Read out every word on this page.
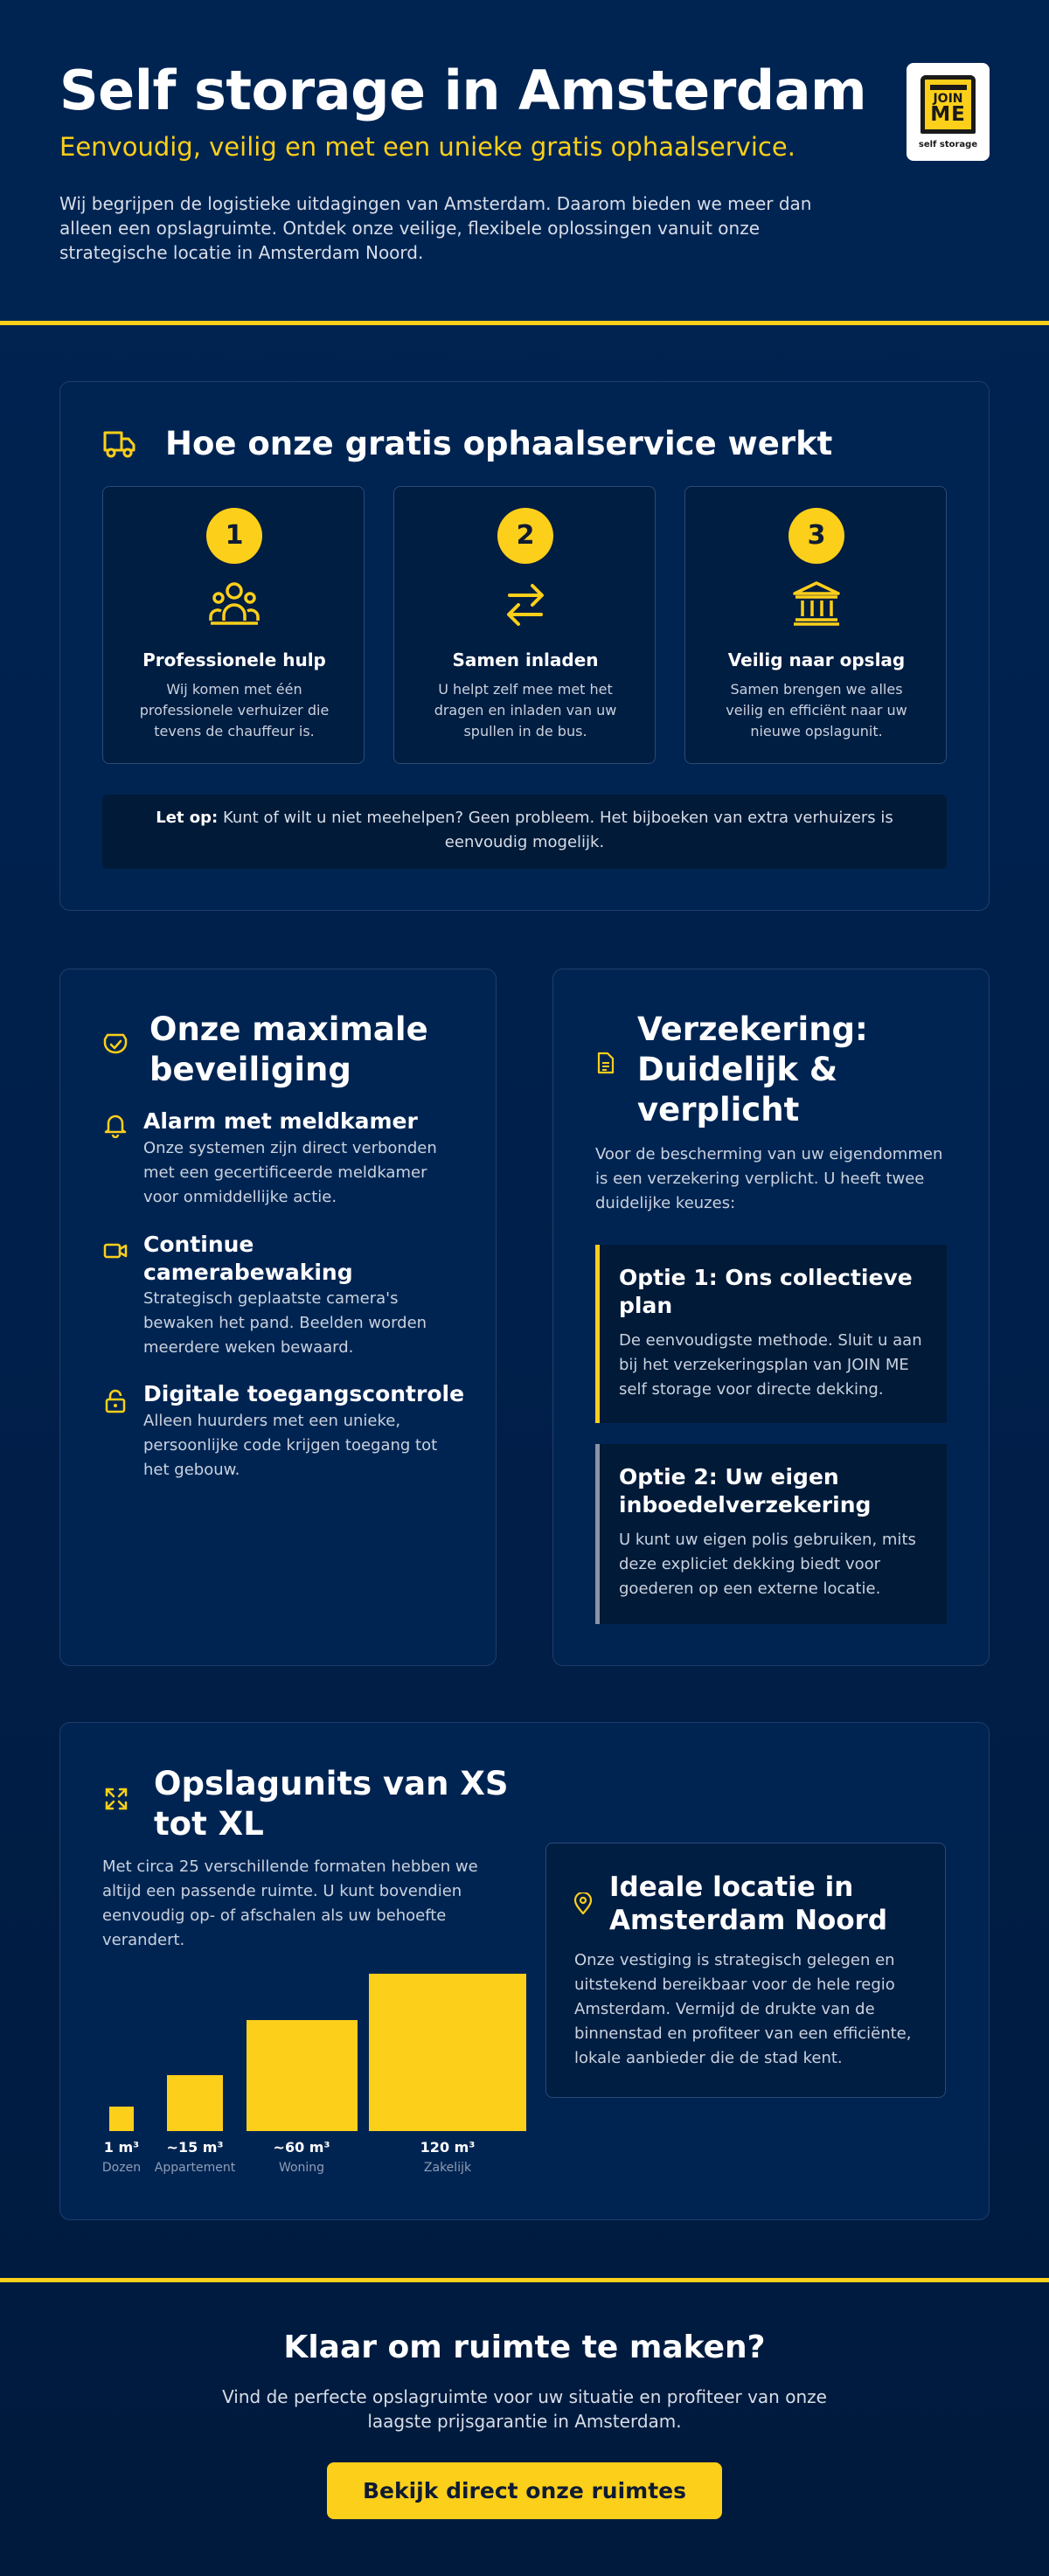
Self storage in Amsterdam
Eenvoudig, veilig en met een unieke gratis ophaalservice.
Wij begrijpen de logistieke uitdagingen van Amsterdam. Daarom bieden we meer dan alleen een opslagruimte. Ontdek onze veilige, flexibele oplossingen vanuit onze strategische locatie in Amsterdam Noord.
JOIN
ME
self storage
Hoe onze gratis ophaalservice werkt
1
Professionele hulp
Wij komen met één professionele verhuizer die tevens de chauffeur is.
2
Samen inladen
U helpt zelf mee met het dragen en inladen van uw spullen in de bus.
3
Veilig naar opslag
Samen brengen we alles veilig en efficiënt naar uw nieuwe opslagunit.
Let op: Kunt of wilt u niet meehelpen? Geen probleem. Het bijboeken van extra verhuizers is eenvoudig mogelijk.
Onze maximale beveiliging
Alarm met meldkamer
Onze systemen zijn direct verbonden met een gecertificeerde meldkamer voor onmiddellijke actie.
Continue camerabewaking
Strategisch geplaatste camera's bewaken het pand. Beelden worden meerdere weken bewaard.
Digitale toegangscontrole
Alleen huurders met een unieke, persoonlijke code krijgen toegang tot het gebouw.
Verzekering: Duidelijk & verplicht
Voor de bescherming van uw eigendommen is een verzekering verplicht. U heeft twee duidelijke keuzes:
Optie 1: Ons collectieve plan
De eenvoudigste methode. Sluit u aan bij het verzekeringsplan van JOIN ME self storage voor directe dekking.
Optie 2: Uw eigen inboedelverzekering
U kunt uw eigen polis gebruiken, mits deze expliciet dekking biedt voor goederen op een externe locatie.
Opslagunits van XS tot XL
Met circa 25 verschillende formaten hebben we altijd een passende ruimte. U kunt bovendien eenvoudig op- of afschalen als uw behoefte verandert.
1 m³
Dozen
~15 m³
Appartement
~60 m³
Woning
120 m³
Zakelijk
Ideale locatie in Amsterdam Noord
Onze vestiging is strategisch gelegen en uitstekend bereikbaar voor de hele regio Amsterdam. Vermijd de drukte van de binnenstad en profiteer van een efficiënte, lokale aanbieder die de stad kent.
Klaar om ruimte te maken?
Vind de perfecte opslagruimte voor uw situatie en profiteer van onze laagste prijsgarantie in Amsterdam.
Bekijk direct onze ruimtes
